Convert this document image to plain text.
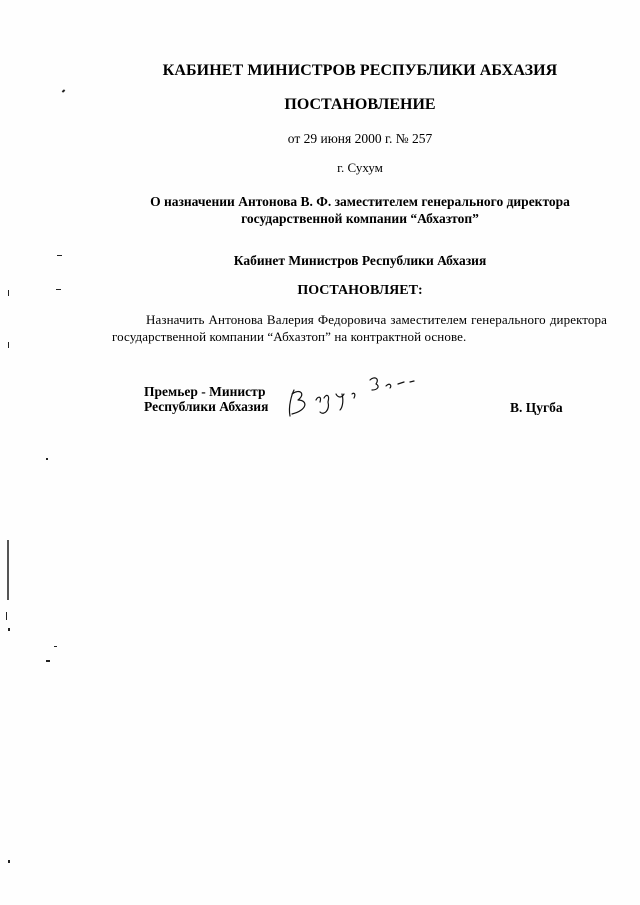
КАБИНЕТ МИНИСТРОВ РЕСПУБЛИКИ АБХАЗИЯ
ПОСТАНОВЛЕНИЕ
от 29 июня 2000 г. № 257
г. Сухум
О назначении Антонова В. Ф. заместителем генерального директора
государственной компании “Абхазтоп”
Кабинет Министров Республики Абхазия
ПОСТАНОВЛЯЕТ:
Назначить Антонова Валерия Федоровича заместителем генерального директора государственной компании “Абхазтоп” на контрактной основе.
Премьер - Министр
Республики Абхазия	В. Цугба
